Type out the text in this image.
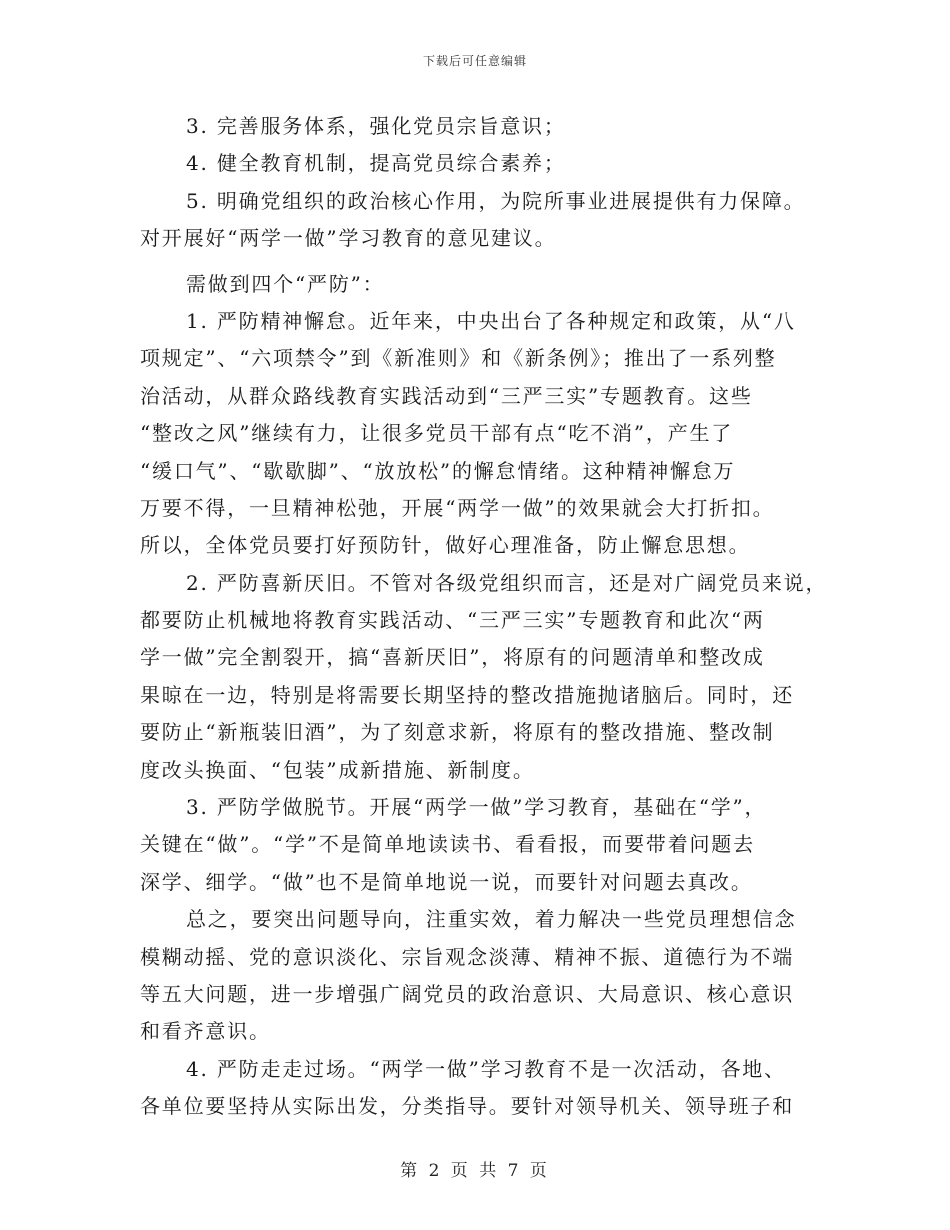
下载后可任意编辑
3. 完善服务体系，强化党员宗旨意识；
4. 健全教育机制，提高党员综合素养；
5. 明确党组织的政治核心作用，为院所事业进展提供有力保障。
对开展好“两学一做”学习教育的意见建议。
需做到四个“严防”：
1. 严防精神懈怠。近年来，中央出台了各种规定和政策，从“八
项规定”、“六项禁令”到《新准则》和《新条例》；推出了一系列整
治活动，从群众路线教育实践活动到“三严三实”专题教育。这些
“整改之风”继续有力，让很多党员干部有点“吃不消”，产生了
“缓口气”、“歇歇脚”、“放放松”的懈怠情绪。这种精神懈怠万
万要不得，一旦精神松弛，开展“两学一做”的效果就会大打折扣。
所以，全体党员要打好预防针，做好心理准备，防止懈怠思想。
2. 严防喜新厌旧。不管对各级党组织而言，还是对广阔党员来说，
都要防止机械地将教育实践活动、“三严三实”专题教育和此次“两
学一做”完全割裂开，搞“喜新厌旧”，将原有的问题清单和整改成
果晾在一边，特别是将需要长期坚持的整改措施抛诸脑后。同时，还
要防止“新瓶装旧酒”，为了刻意求新，将原有的整改措施、整改制
度改头换面、“包装”成新措施、新制度。
3. 严防学做脱节。开展“两学一做”学习教育，基础在“学”，
关键在“做”。“学”不是简单地读读书、看看报，而要带着问题去
深学、细学。“做”也不是简单地说一说，而要针对问题去真改。
总之，要突出问题导向，注重实效，着力解决一些党员理想信念
模糊动摇、党的意识淡化、宗旨观念淡薄、精神不振、道德行为不端
等五大问题，进一步增强广阔党员的政治意识、大局意识、核心意识
和看齐意识。
4. 严防走走过场。“两学一做”学习教育不是一次活动，各地、
各单位要坚持从实际出发，分类指导。要针对领导机关、领导班子和
第 2 页 共 7 页
